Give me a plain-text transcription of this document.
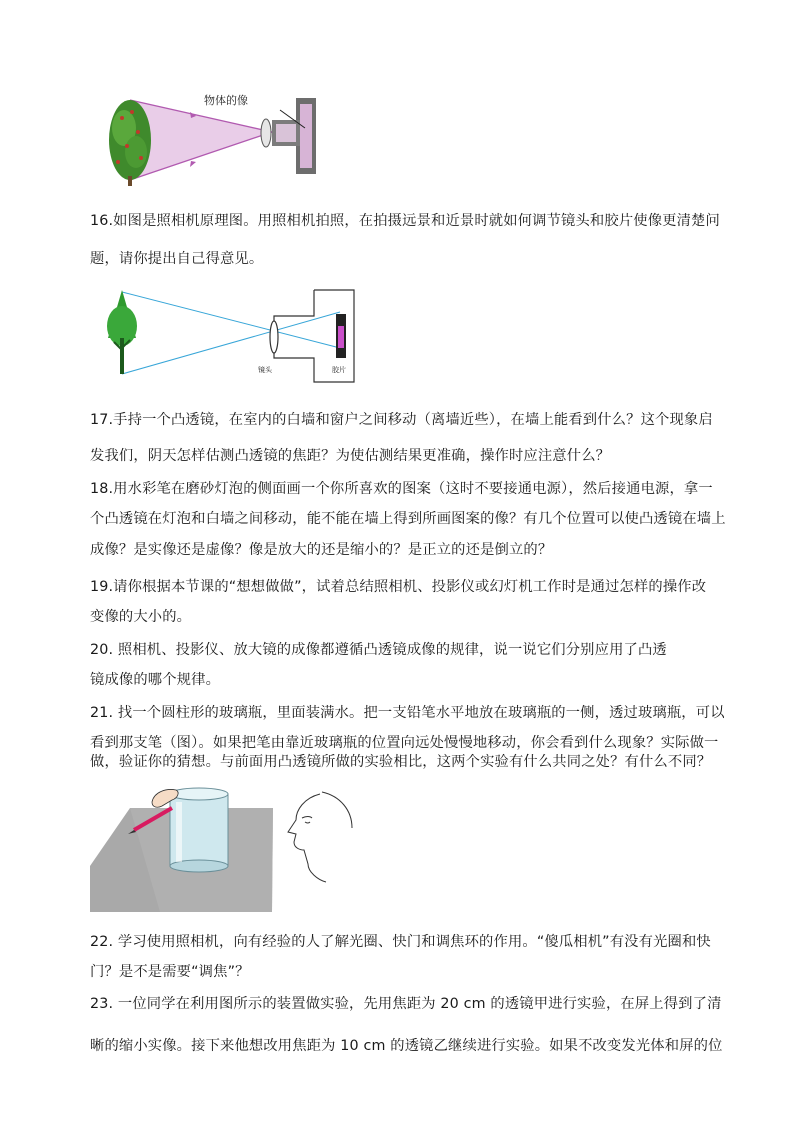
物体的像
16.如图是照相机原理图。用照相机拍照，在拍摄远景和近景时就如何调节镜头和胶片使像更清楚问
题，请你提出自己得意见。
镜头	胶片
17.手持一个凸透镜，在室内的白墙和窗户之间移动（离墙近些），在墙上能看到什么？这个现象启
发我们，阴天怎样估测凸透镜的焦距？为使估测结果更准确，操作时应注意什么？
18.用水彩笔在磨砂灯泡的侧面画一个你所喜欢的图案（这时不要接通电源），然后接通电源，拿一
个凸透镜在灯泡和白墙之间移动，能不能在墙上得到所画图案的像？有几个位置可以使凸透镜在墙上
成像？是实像还是虚像？像是放大的还是缩小的？是正立的还是倒立的？
19.请你根据本节课的“想想做做”，试着总结照相机、投影仪或幻灯机工作时是通过怎样的操作改
变像的大小的。
20. 照相机、投影仪、放大镜的成像都遵循凸透镜成像的规律，说一说它们分别应用了凸透
镜成像的哪个规律。
21. 找一个圆柱形的玻璃瓶，里面装满水。把一支铅笔水平地放在玻璃瓶的一侧，透过玻璃瓶，可以
看到那支笔（图）。如果把笔由靠近玻璃瓶的位置向远处慢慢地移动，你会看到什么现象？实际做一
做，验证你的猜想。与前面用凸透镜所做的实验相比，这两个实验有什么共同之处？有什么不同？
22. 学习使用照相机，向有经验的人了解光圈、快门和调焦环的作用。“傻瓜相机”有没有光圈和快
门？是不是需要“调焦”？
23. 一位同学在利用图所示的装置做实验，先用焦距为 20 cm 的透镜甲进行实验，在屏上得到了清
晰的缩小实像。接下来他想改用焦距为 10 cm 的透镜乙继续进行实验。如果不改变发光体和屏的位
